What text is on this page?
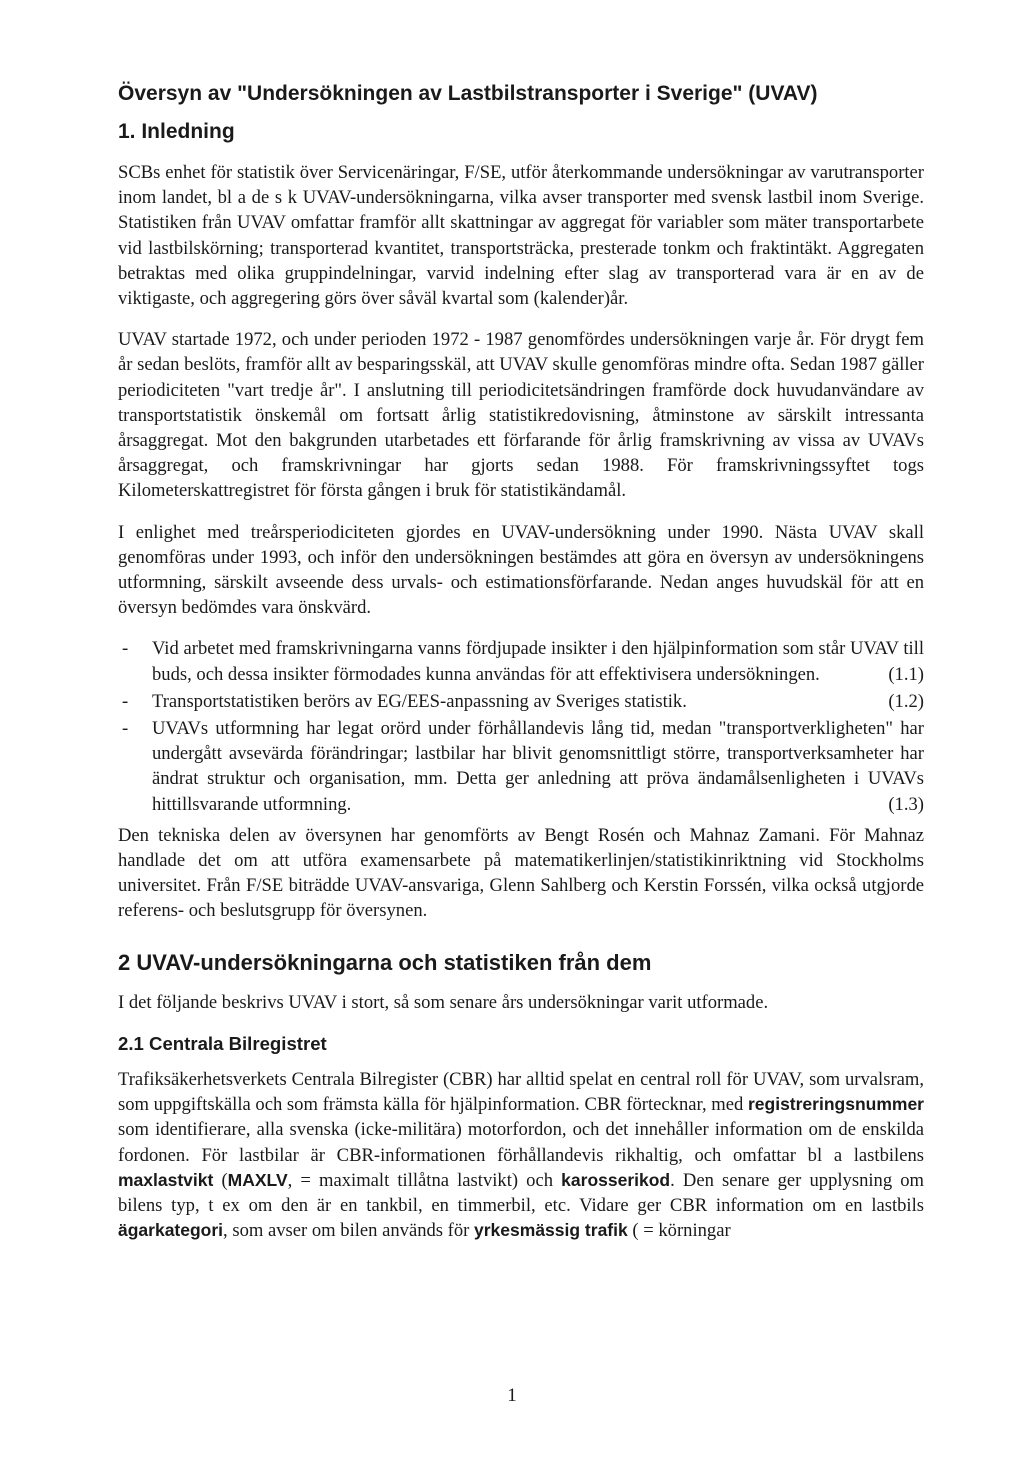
Översyn av "Undersökningen av Lastbilstransporter i Sverige" (UVAV)
1. Inledning

SCBs enhet för statistik över Servicenäringar, F/SE, utför återkommande undersökningar av varutransporter inom landet, bl a de s k UVAV-undersökningarna, vilka avser transporter med svensk lastbil inom Sverige. Statistiken från UVAV omfattar framför allt skattningar av aggregat för variabler som mäter transportarbete vid lastbilskörning; transporterad kvantitet, transportsträcka, presterade tonkm och fraktintäkt. Aggregaten betraktas med olika gruppindelningar, varvid indelning efter slag av transporterad vara är en av de viktigaste, och aggregering görs över såväl kvartal som (kalender)år.

UVAV startade 1972, och under perioden 1972 - 1987 genomfördes undersökningen varje år. För drygt fem år sedan beslöts, framför allt av besparingsskäl, att UVAV skulle genomföras mindre ofta. Sedan 1987 gäller periodiciteten "vart tredje år". I anslutning till periodicitetsändringen framförde dock huvudanvändare av transportstatistik önskemål om fortsatt årlig statistikredovisning, åtminstone av särskilt intressanta årsaggregat. Mot den bakgrunden utarbetades ett förfarande för årlig framskrivning av vissa av UVAVs årsaggregat, och framskrivningar har gjorts sedan 1988. För framskrivningssyftet togs Kilometerskattregistret för första gången i bruk för statistikändamål.

I enlighet med treårsperiodiciteten gjordes en UVAV-undersökning under 1990. Nästa UVAV skall genomföras under 1993, och inför den undersökningen bestämdes att göra en översyn av undersökningens utformning, särskilt avseende dess urvals- och estimationsförfarande. Nedan anges huvudskäl för att en översyn bedömdes vara önskvärd.

- Vid arbetet med framskrivningarna vanns fördjupade insikter i den hjälpinformation som står UVAV till buds, och dessa insikter förmodades kunna användas för att effektivisera undersökningen.	(1.1)
- Transportstatistiken berörs av EG/EES-anpassning av Sveriges statistik.	(1.2)
- UVAVs utformning har legat orörd under förhållandevis lång tid, medan "transportverkligheten" har undergått avsevärda förändringar; lastbilar har blivit genomsnittligt större, transportverksamheter har ändrat struktur och organisation, mm. Detta ger anledning att pröva ändamålsenligheten i UVAVs hittillsvarande utformning.	(1.3)

Den tekniska delen av översynen har genomförts av Bengt Rosén och Mahnaz Zamani. För Mahnaz handlade det om att utföra examensarbete på matematikerlinjen/statistikinriktning vid Stockholms universitet. Från F/SE biträdde UVAV-ansvariga, Glenn Sahlberg och Kerstin Forssén, vilka också utgjorde referens- och beslutsgrupp för översynen.

2 UVAV-undersökningarna och statistiken från dem

I det följande beskrivs UVAV i stort, så som senare års undersökningar varit utformade.

2.1 Centrala Bilregistret

Trafiksäkerhetsverkets Centrala Bilregister (CBR) har alltid spelat en central roll för UVAV, som urvalsram, som uppgiftskälla och som främsta källa för hjälpinformation. CBR förtecknar, med registreringsnummer som identifierare, alla svenska (icke-militära) motorfordon, och det innehåller information om de enskilda fordonen. För lastbilar är CBR-informationen förhållandevis rikhaltig, och omfattar bl a lastbilens maxlastvikt (MAXLV, = maximalt tillåtna lastvikt) och karosserikod. Den senare ger upplysning om bilens typ, t ex om den är en tankbil, en timmerbil, etc. Vidare ger CBR information om en lastbils ägarkategori, som avser om bilen används för yrkesmässig trafik ( = körningar

1
